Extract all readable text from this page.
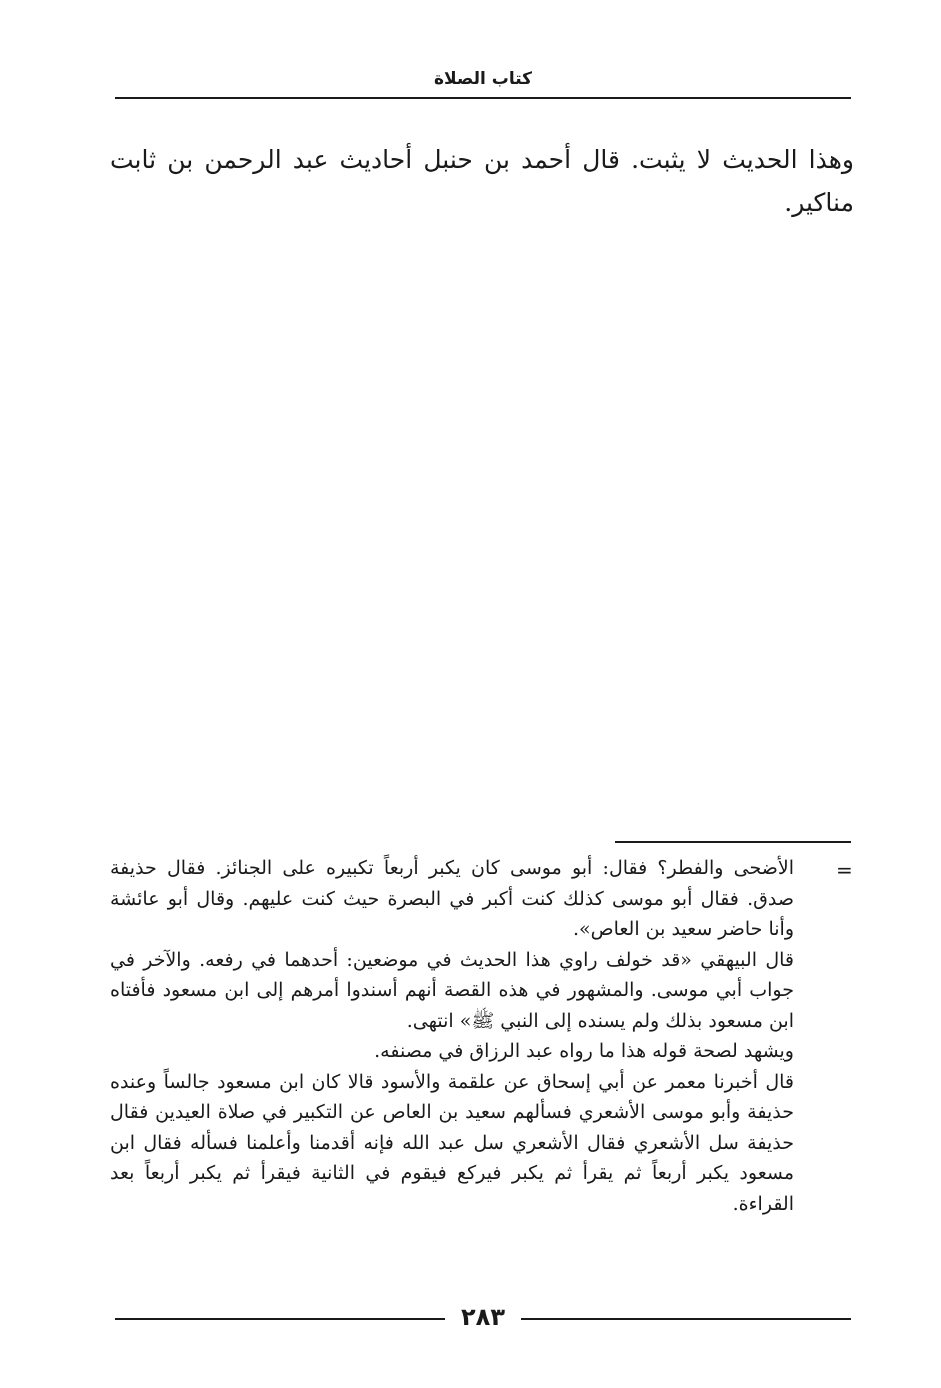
كتاب الصلاة

وهذا الحديث لا يثبت. قال أحمد بن حنبل أحاديث عبد الرحمن بن ثابت مناكير.

=

الأضحى والفطر؟ فقال: أبو موسى كان يكبر أربعاً تكبيره على الجنائز. فقال حذيفة صدق. فقال أبو موسى كذلك كنت أكبر في البصرة حيث كنت عليهم. وقال أبو عائشة وأنا حاضر سعيد بن العاص».

قال البيهقي «قد خولف راوي هذا الحديث في موضعين: أحدهما في رفعه. والآخر في جواب أبي موسى. والمشهور في هذه القصة أنهم أسندوا أمرهم إلى ابن مسعود فأفتاه ابن مسعود بذلك ولم يسنده إلى النبي ﷺ» انتهى.

ويشهد لصحة قوله هذا ما رواه عبد الرزاق في مصنفه.

قال أخبرنا معمر عن أبي إسحاق عن علقمة والأسود قالا كان ابن مسعود جالساً وعنده حذيفة وأبو موسى الأشعري فسألهم سعيد بن العاص عن التكبير في صلاة العيدين فقال حذيفة سل الأشعري فقال الأشعري سل عبد الله فإنه أقدمنا وأعلمنا فسأله فقال ابن مسعود يكبر أربعاً ثم يقرأ ثم يكبر فيركع فيقوم في الثانية فيقرأ ثم يكبر أربعاً بعد القراءة.

٢٨٣
